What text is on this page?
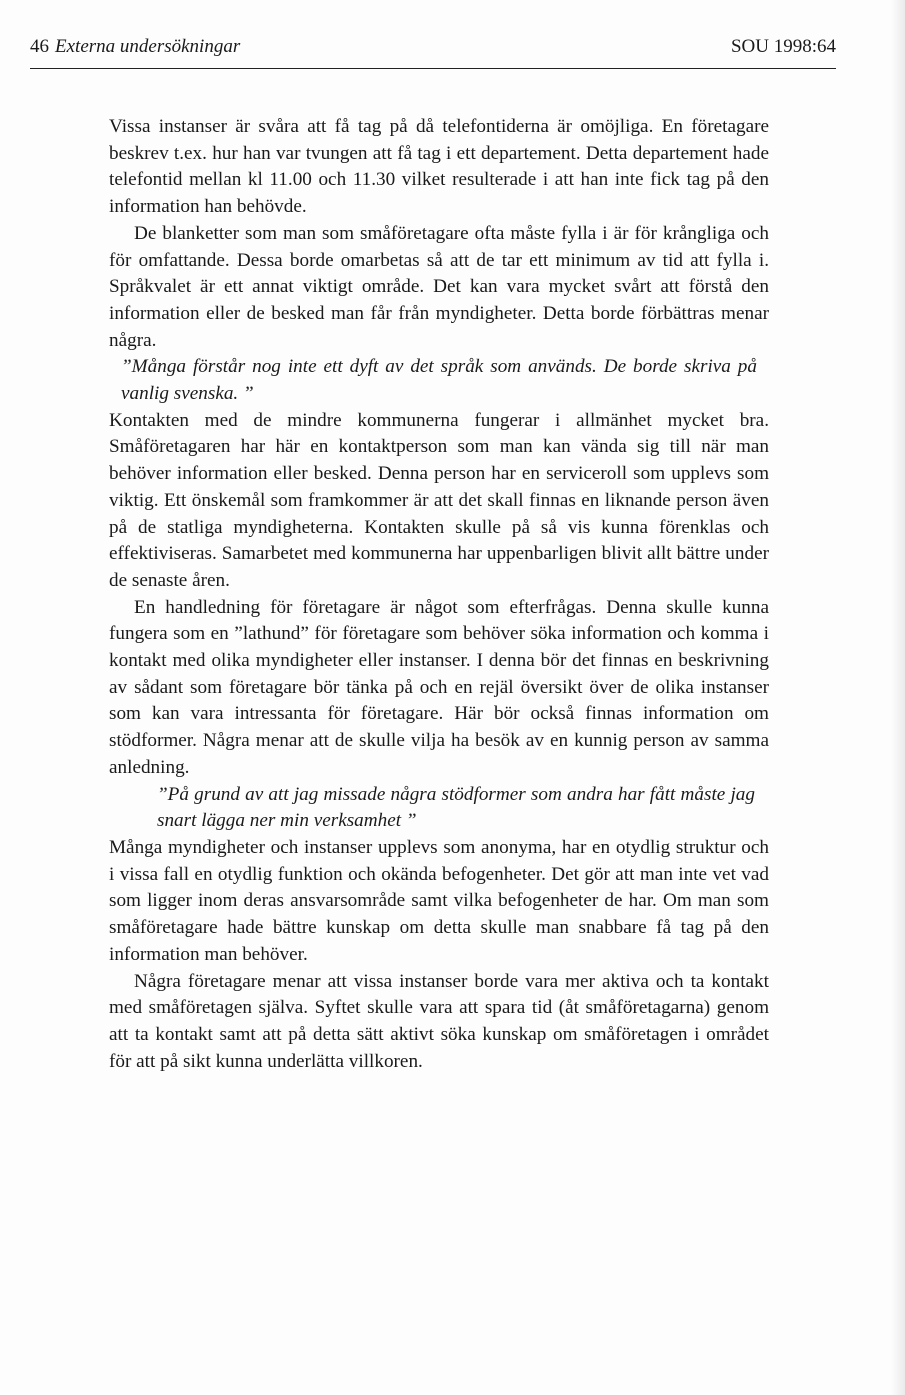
46 Externa undersökningar	SOU 1998:64

Vissa instanser är svåra att få tag på då telefontiderna är omöjliga. En företagare beskrev t.ex. hur han var tvungen att få tag i ett departement. Detta departement hade telefontid mellan kl 11.00 och 11.30 vilket resulterade i att han inte fick tag på den information han behövde.

De blanketter som man som småföretagare ofta måste fylla i är för krångliga och för omfattande. Dessa borde omarbetas så att de tar ett minimum av tid att fylla i. Språkvalet är ett annat viktigt område. Det kan vara mycket svårt att förstå den information eller de besked man får från myndigheter. Detta borde förbättras menar några.

”Många förstår nog inte ett dyft av det språk som används. De borde skriva på vanlig svenska. ”

Kontakten med de mindre kommunerna fungerar i allmänhet mycket bra. Småföretagaren har här en kontaktperson som man kan vända sig till när man behöver information eller besked. Denna person har en serviceroll som upplevs som viktig. Ett önskemål som framkommer är att det skall finnas en liknande person även på de statliga myndigheterna. Kontakten skulle på så vis kunna förenklas och effektiviseras. Samarbetet med kommunerna har uppenbarligen blivit allt bättre under de senaste åren.

En handledning för företagare är något som efterfrågas. Denna skulle kunna fungera som en ”lathund” för företagare som behöver söka information och komma i kontakt med olika myndigheter eller instanser. I denna bör det finnas en beskrivning av sådant som företagare bör tänka på och en rejäl översikt över de olika instanser som kan vara intressanta för företagare. Här bör också finnas information om stödformer. Några menar att de skulle vilja ha besök av en kunnig person av samma anledning.

”På grund av att jag missade några stödformer som andra har fått måste jag snart lägga ner min verksamhet ”

Många myndigheter och instanser upplevs som anonyma, har en otydlig struktur och i vissa fall en otydlig funktion och okända befogenheter. Det gör att man inte vet vad som ligger inom deras ansvarsområde samt vilka befogenheter de har. Om man som småföretagare hade bättre kunskap om detta skulle man snabbare få tag på den information man behöver.

Några företagare menar att vissa instanser borde vara mer aktiva och ta kontakt med småföretagen själva. Syftet skulle vara att spara tid (åt småföretagarna) genom att ta kontakt samt att på detta sätt aktivt söka kunskap om småföretagen i området för att på sikt kunna underlätta villkoren.
